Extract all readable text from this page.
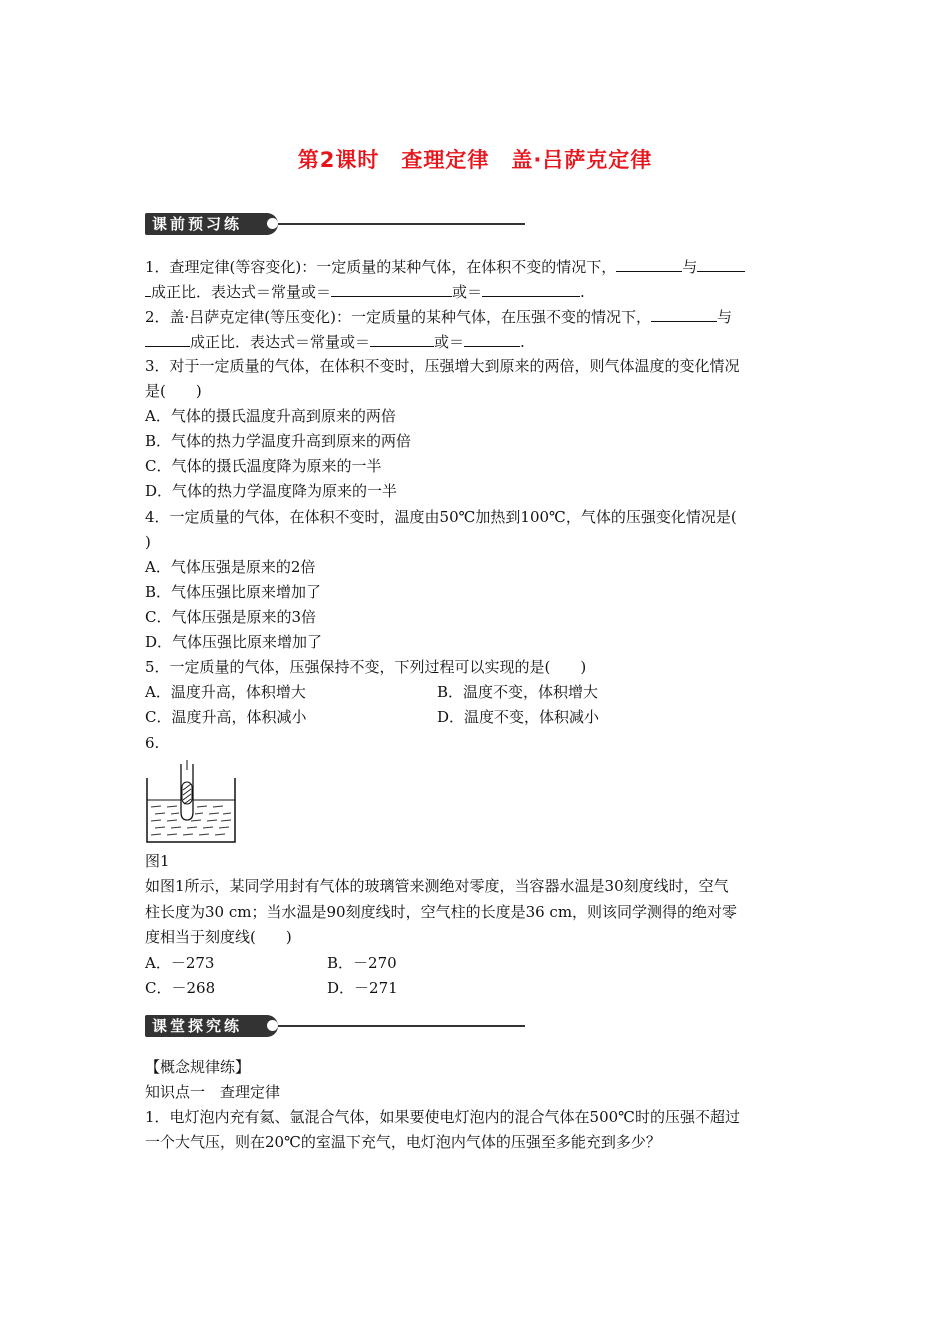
第2课时　查理定律　盖·吕萨克定律
课前预习练
1．查理定律(等容变化)：一定质量的某种气体，在体积不变的情况下，	与
成正比．表达式＝常量或＝	或＝	.
2．盖·吕萨克定律(等压变化)：一定质量的某种气体，在压强不变的情况下，	与
成正比．表达式＝常量或＝	或＝	.
3．对于一定质量的气体，在体积不变时，压强增大到原来的两倍，则气体温度的变化情况
是(　　)
A．气体的摄氏温度升高到原来的两倍
B．气体的热力学温度升高到原来的两倍
C．气体的摄氏温度降为原来的一半
D．气体的热力学温度降为原来的一半
4．一定质量的气体，在体积不变时，温度由50℃加热到100℃，气体的压强变化情况是(
)
A．气体压强是原来的2倍
B．气体压强比原来增加了
C．气体压强是原来的3倍
D．气体压强比原来增加了
5．一定质量的气体，压强保持不变，下列过程可以实现的是(　　)
A．温度升高，体积增大	B．温度不变，体积增大
C．温度升高，体积减小	D．温度不变，体积减小
6.
图1
如图1所示，某同学用封有气体的玻璃管来测绝对零度，当容器水温是30刻度线时，空气
柱长度为30 cm；当水温是90刻度线时，空气柱的长度是36 cm，则该同学测得的绝对零
度相当于刻度线(　　)
A．－273	B．－270
C．－268	D．－271
课堂探究练
【概念规律练】
知识点一　查理定律
1．电灯泡内充有氦、氩混合气体，如果要使电灯泡内的混合气体在500℃时的压强不超过
一个大气压，则在20℃的室温下充气，电灯泡内气体的压强至多能充到多少？
